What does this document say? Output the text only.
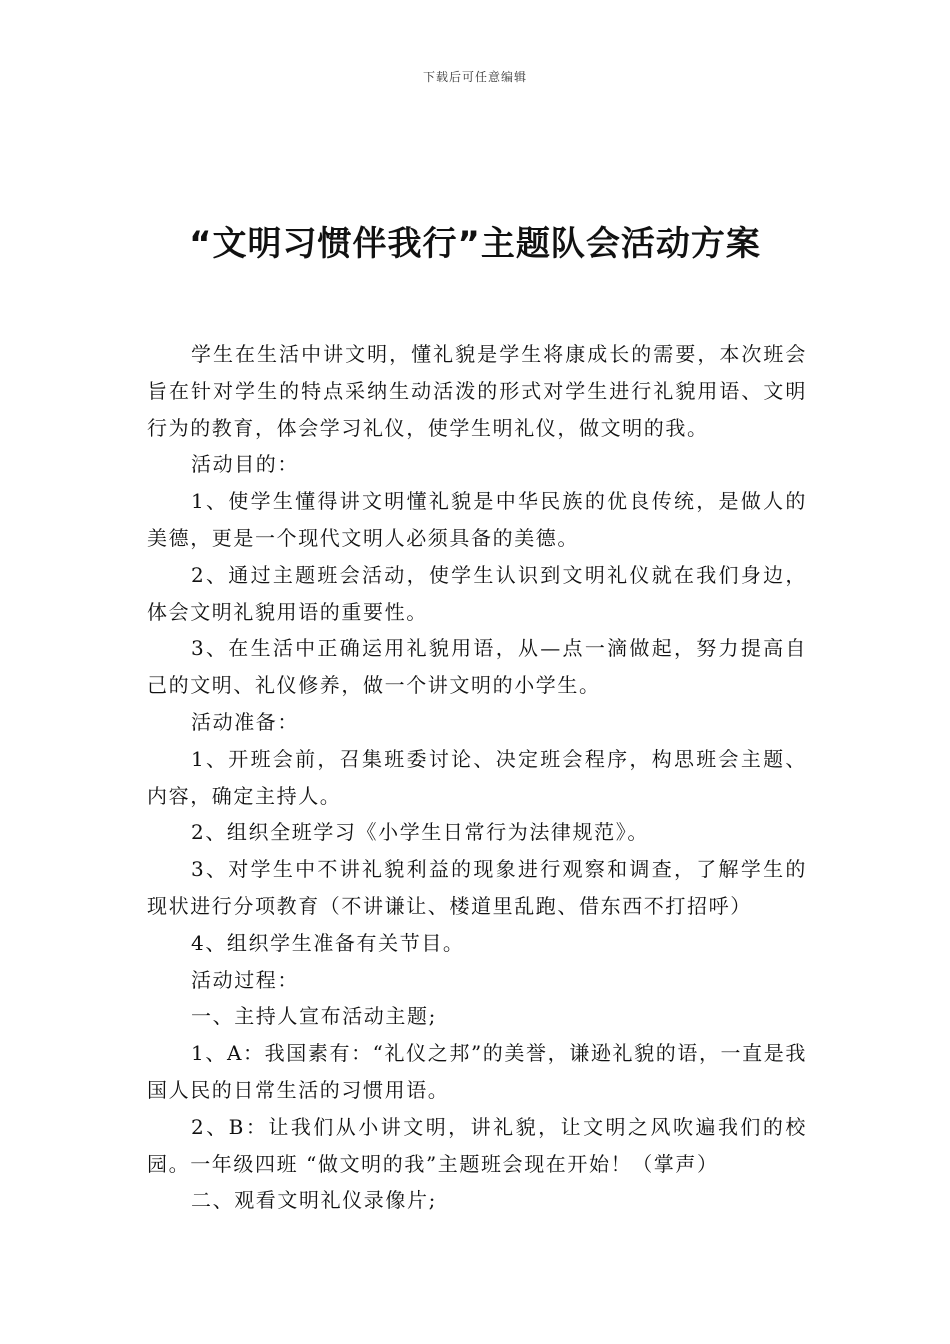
下载后可任意编辑
“文明习惯伴我行”主题队会活动方案

学生在生活中讲文明，懂礼貌是学生将康成长的需要，本次班会旨在针对学生的特点采纳生动活泼的形式对学生进行礼貌用语、文明行为的教育，体会学习礼仪，使学生明礼仪，做文明的我。

活动目的：

1、使学生懂得讲文明懂礼貌是中华民族的优良传统，是做人的美德，更是一个现代文明人必须具备的美德。

2、通过主题班会活动，使学生认识到文明礼仪就在我们身边，体会文明礼貌用语的重要性。

3、在生活中正确运用礼貌用语，从—点一滴做起，努力提高自己的文明、礼仪修养，做一个讲文明的小学生。

活动准备：

1、开班会前，召集班委讨论、决定班会程序，构思班会主题、内容，确定主持人。

2、组织全班学习《小学生日常行为法律规范》。

3、对学生中不讲礼貌利益的现象进行观察和调查，了解学生的现状进行分项教育（不讲谦让、楼道里乱跑、借东西不打招呼）

4、组织学生准备有关节目。

活动过程：

一、主持人宣布活动主题;

1、A：我国素有：“礼仪之邦”的美誉，谦逊礼貌的语，一直是我国人民的日常生活的习惯用语。

2、B：让我们从小讲文明，讲礼貌，让文明之风吹遍我们的校园。一年级四班 “做文明的我”主题班会现在开始！（掌声）

二、观看文明礼仪录像片;
